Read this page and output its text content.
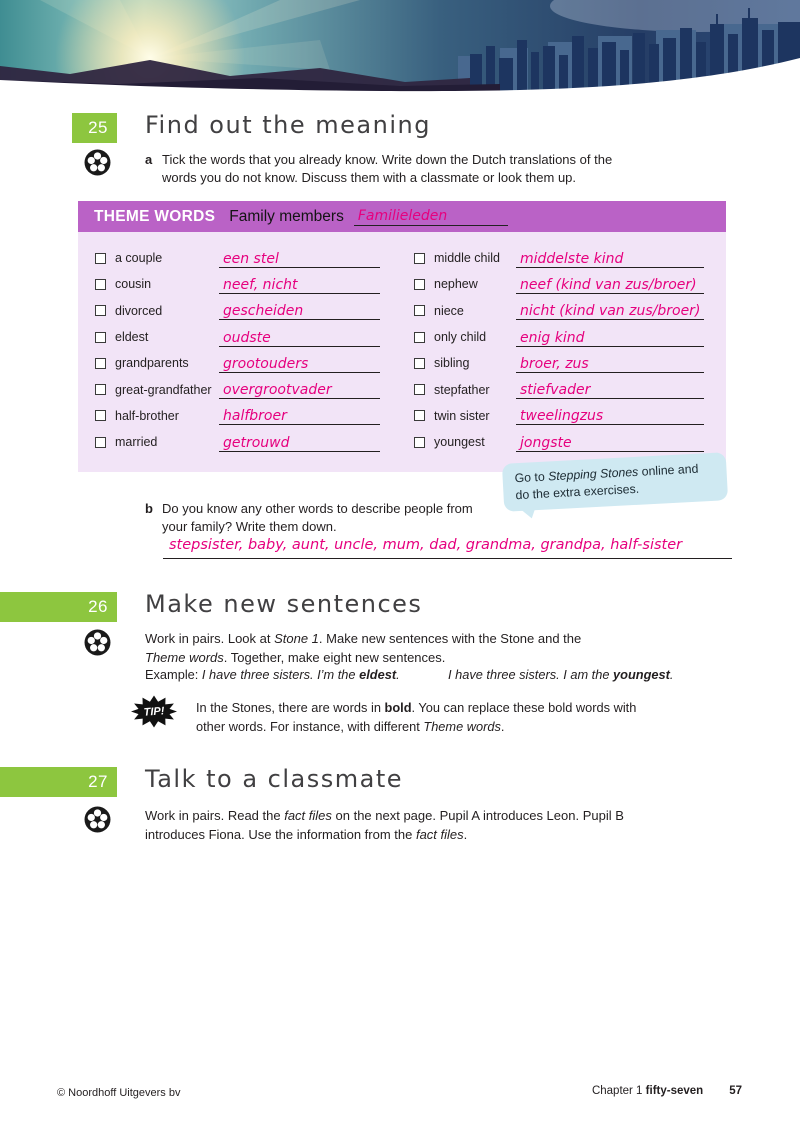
25 Find out the meaning
a Tick the words that you already know. Write down the Dutch translations of the words you do not know. Discuss them with a classmate or look them up.

THEME WORDS Family members Familieleden
a couple	een stel
cousin	neef, nicht
divorced	gescheiden
eldest	oudste
grandparents	grootouders
great-grandfather overgrootvader
half-brother	halfbroer
married	getrouwd
middle child	middelste kind
nephew	neef (kind van zus/broer)
niece	nicht (kind van zus/broer)
only child	enig kind
sibling	broer, zus
stepfather	stiefvader
twin sister	tweelingzus
youngest	jongste
Go to Stepping Stones online and do the extra exercises.
b Do you know any other words to describe people from your family? Write them down.

stepsister, baby, aunt, uncle, mum, dad, grandma, grandpa, half-sister
26 Make new sentences

Work in pairs. Look at Stone 1. Make new sentences with the Stone and the Theme words. Together, make eight new sentences.

Example: I have three sisters. I’m the eldest.	I have three sisters. I am the youngest.
TIP!	In the Stones, there are words in bold. You can replace these bold words with other words. For instance, with different Theme words.

27 Talk to a classmate

Work in pairs. Read the fact files on the next page. Pupil A introduces Leon. Pupil B introduces Fiona. Use the information from the fact files.

© Noordhoff Uitgevers bv	Chapter 1 fifty-seven 57
